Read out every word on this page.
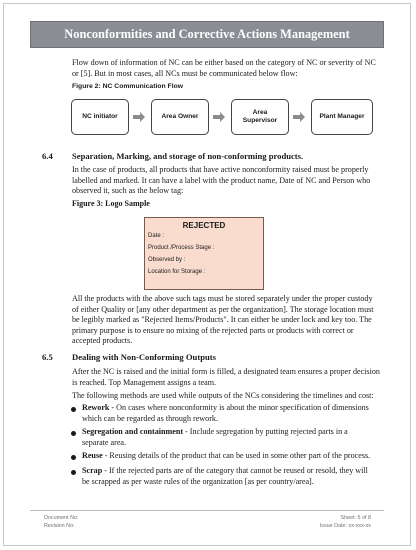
Nonconformities and Corrective Actions Management
Flow down of information of NC can be either based on the category of NC or severity of NC
or [5]. But in most cases, all NCs must be communicated below flow:
Figure 2: NC Communication Flow
NC initiator	Area Owner
Area
Supervisor
Plant Manager
6.4 Separation, Marking, and storage of non-conforming products.
In the case of products, all products that have active nonconformity raised must be properly
labelled and marked. It can have a label with the product name, Date of NC and Person who
observed it, such as the below tag:
Figure 3: Logo Sample
REJECTED
Date :
Product /Process Stage :
Observed by :
Location for Storage :
All the products with the above such tags must be stored separately under the proper custody
of either Quality or [any other department as per the organization]. The storage location must
be legibly marked as "Rejected Items/Products". It can either be under lock and key too. The
primary purpose is to ensure no mixing of the rejected parts or products with correct or
accepted products.
6.5 Dealing with Non-Conforming Outputs
After the NC is raised and the initial form is filled, a designated team ensures a proper decision
is reached. Top Management assigns a team.
The following methods are used while outputs of the NCs considering the timelines and cost:
Rework - On cases where nonconformity is about the minor specification of dimensions
which can be regarded as through rework.
Segregation and containment - Include segregation by putting rejected parts in a
separate area.
Reuse - Reusing details of the product that can be used in some other part of the process.
Scrap - If the rejected parts are of the category that cannot be reused or resold, they will
be scrapped as per waste rules of the organization [as per country/area].
Document No:
Revision No:
Sheet: 5 of 8
Issue Date: xx-xxx-xx
